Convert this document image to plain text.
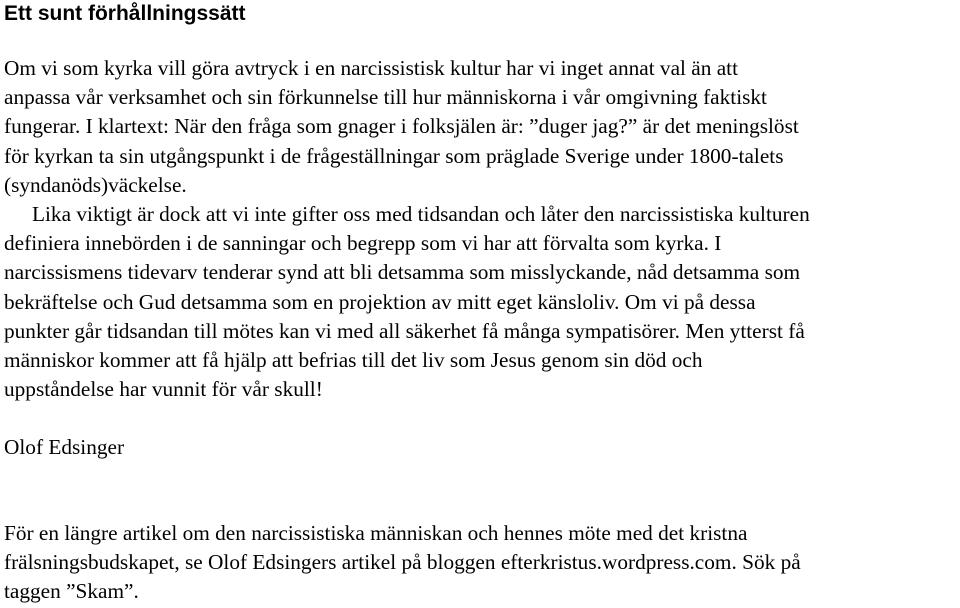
Ett sunt förhållningssätt

Om vi som kyrka vill göra avtryck i en narcissistisk kultur har vi inget annat val än att
anpassa vår verksamhet och sin förkunnelse till hur människorna i vår omgivning faktiskt
fungerar. I klartext: När den fråga som gnager i folksjälen är: ”duger jag?” är det meningslöst
för kyrkan ta sin utgångspunkt i de frågeställningar som präglade Sverige under 1800-talets
(syndanöds)väckelse.
Lika viktigt är dock att vi inte gifter oss med tidsandan och låter den narcissistiska kulturen
definiera innebörden i de sanningar och begrepp som vi har att förvalta som kyrka. I
narcissismens tidevarv tenderar synd att bli detsamma som misslyckande, nåd detsamma som
bekräftelse och Gud detsamma som en projektion av mitt eget känsloliv. Om vi på dessa
punkter går tidsandan till mötes kan vi med all säkerhet få många sympatisörer. Men ytterst få
människor kommer att få hjälp att befrias till det liv som Jesus genom sin död och
uppståndelse har vunnit för vår skull!

Olof Edsinger

För en längre artikel om den narcissistiska människan och hennes möte med det kristna
frälsningsbudskapet, se Olof Edsingers artikel på bloggen efterkristus.wordpress.com. Sök på
taggen ”Skam”.
